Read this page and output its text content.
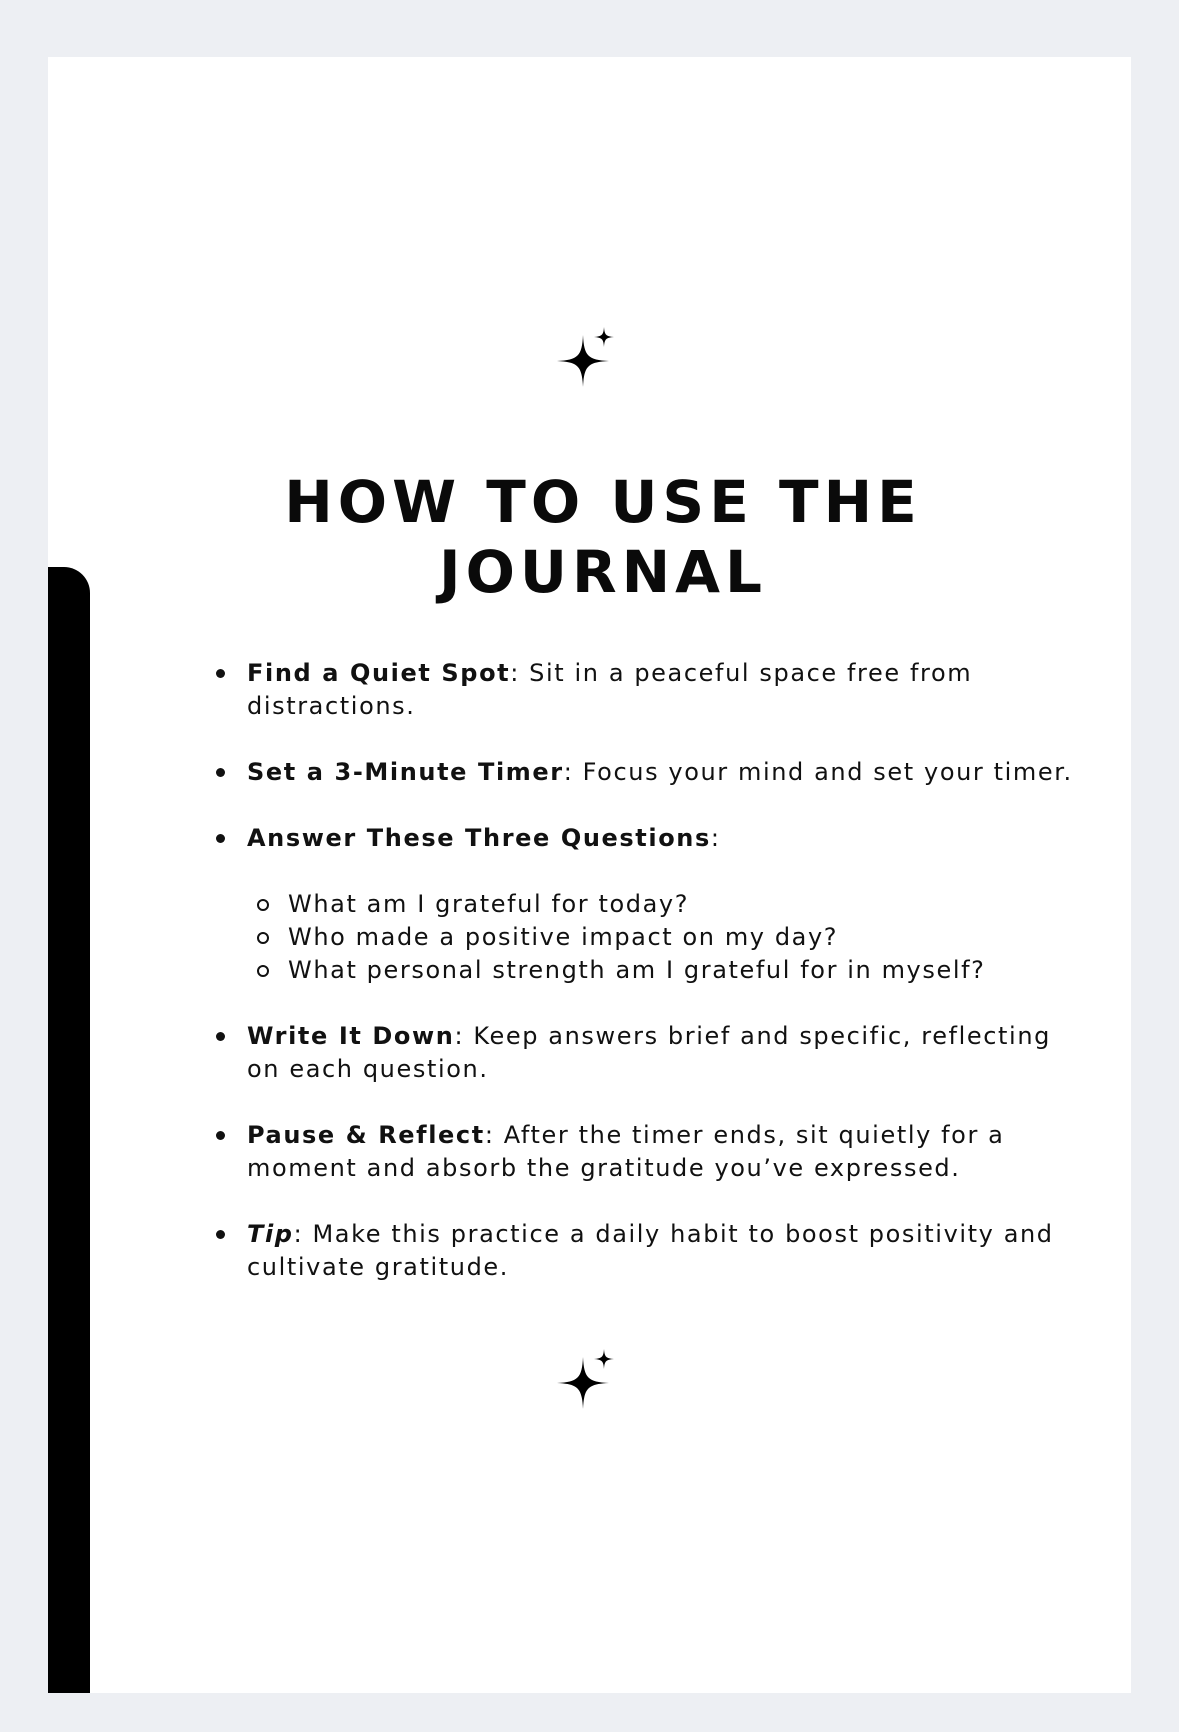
HOW TO USE THE JOURNAL
Find a Quiet Spot: Sit in a peaceful space free from distractions.
Set a 3-Minute Timer: Focus your mind and set your timer.
Answer These Three Questions:
What am I grateful for today?
Who made a positive impact on my day?
What personal strength am I grateful for in myself?
Write It Down: Keep answers brief and specific, reflecting on each question.
Pause & Reflect: After the timer ends, sit quietly for a moment and absorb the gratitude you’ve expressed.
Tip: Make this practice a daily habit to boost positivity and cultivate gratitude.
